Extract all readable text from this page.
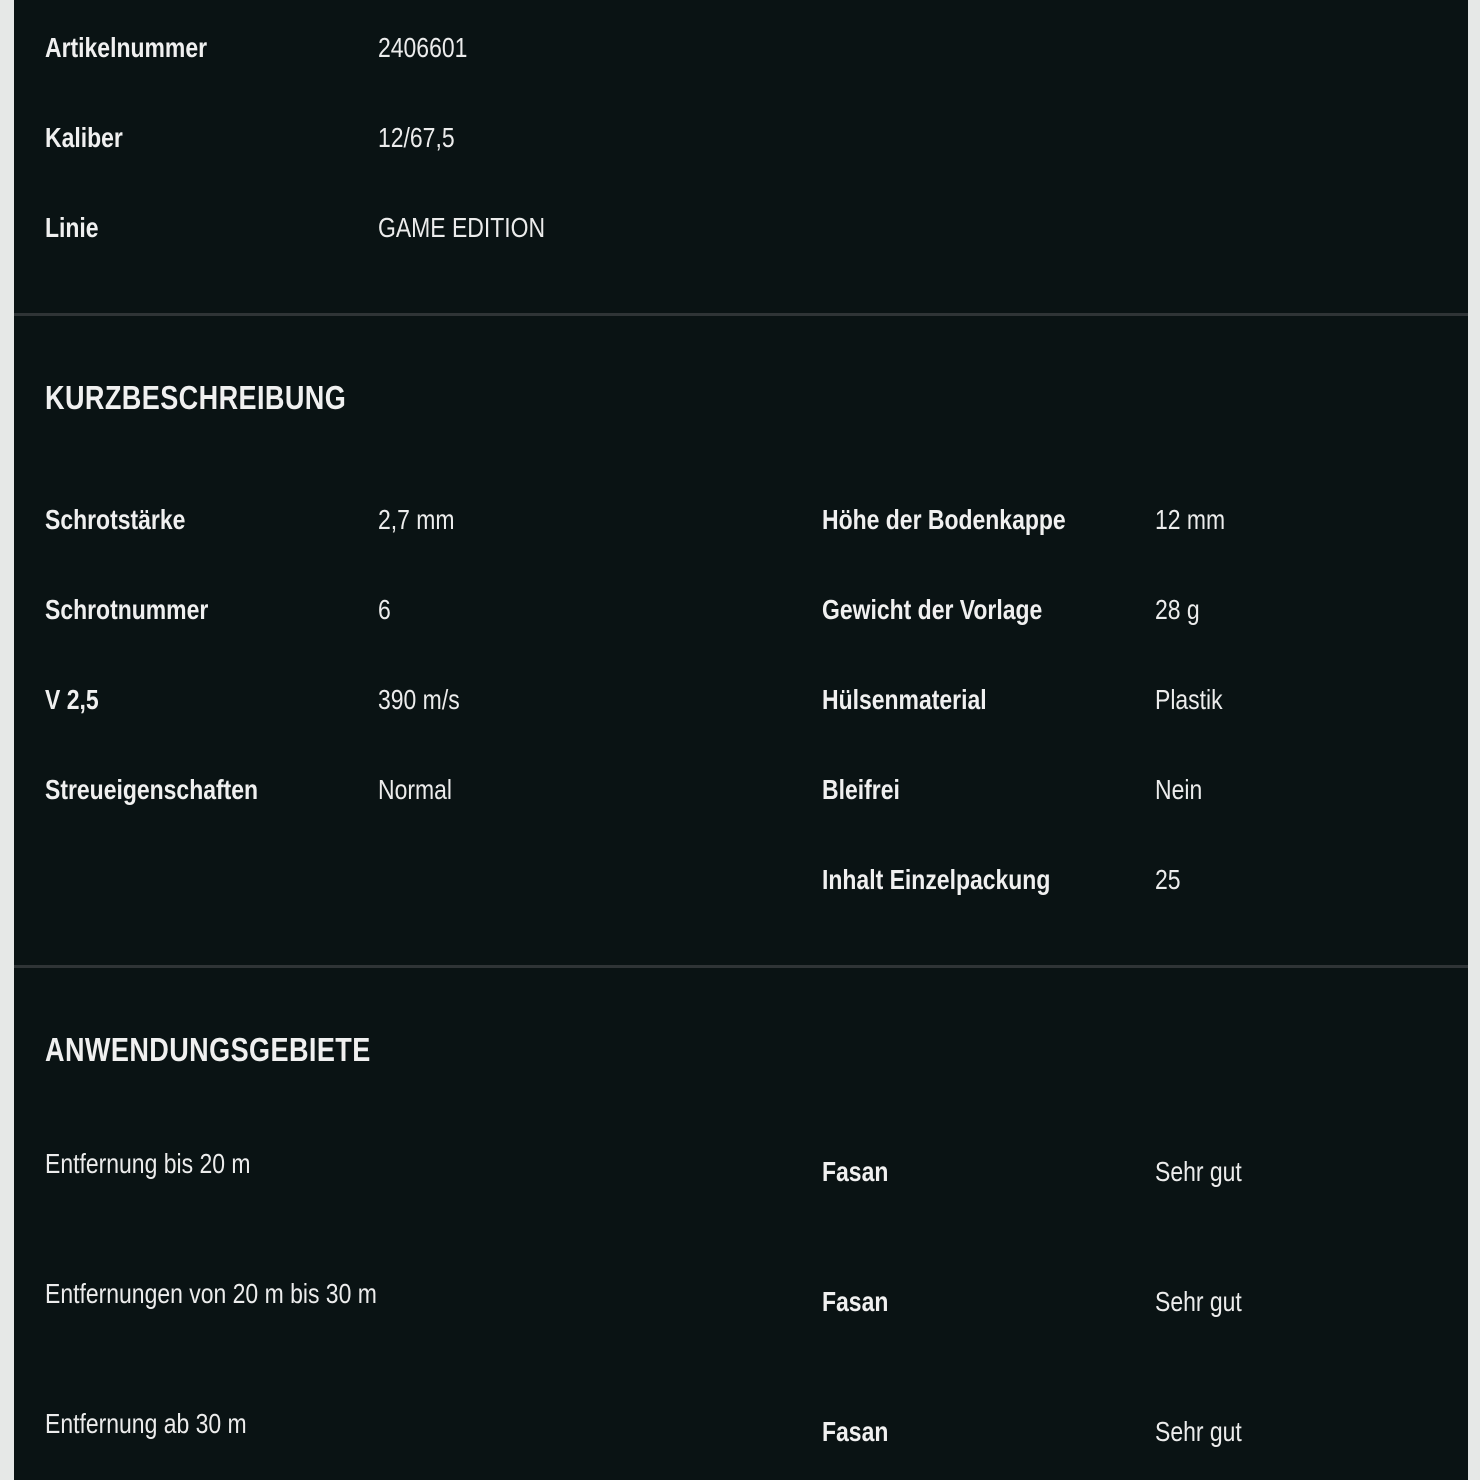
Artikelnummer	2406601
Kaliber	12/67,5
Linie	GAME EDITION
KURZBESCHREIBUNG
Schrotstärke	2,7 mm
Schrotnummer	6
V 2,5	390 m/s
Streueigenschaften	Normal
Höhe der Bodenkappe	12 mm
Gewicht der Vorlage	28 g
Hülsenmaterial	Plastik
Bleifrei	Nein
Inhalt Einzelpackung	25
ANWENDUNGSGEBIETE
Entfernung bis 20 m	Fasan	Sehr gut
Entfernungen von 20 m bis 30 m	Fasan	Sehr gut
Entfernung ab 30 m	Fasan	Sehr gut
